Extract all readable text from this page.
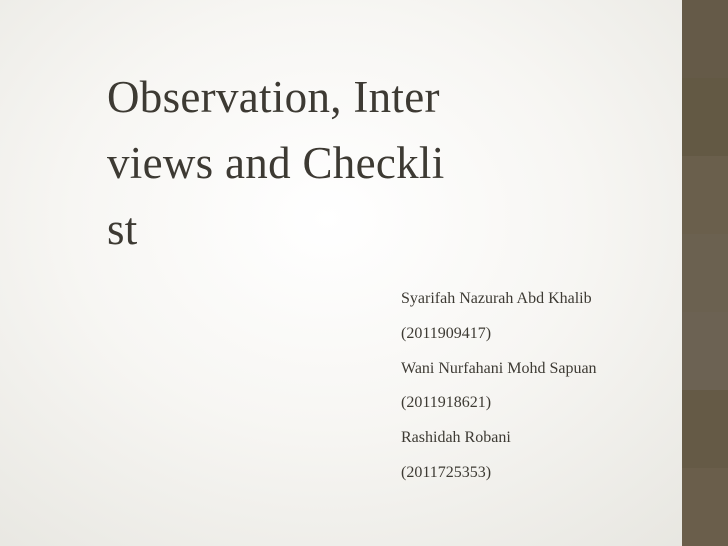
Observation, Interviews and Checklist
Syarifah Nazurah Abd Khalib
(2011909417)
Wani Nurfahani Mohd Sapuan
(2011918621)
Rashidah Robani
(2011725353)
